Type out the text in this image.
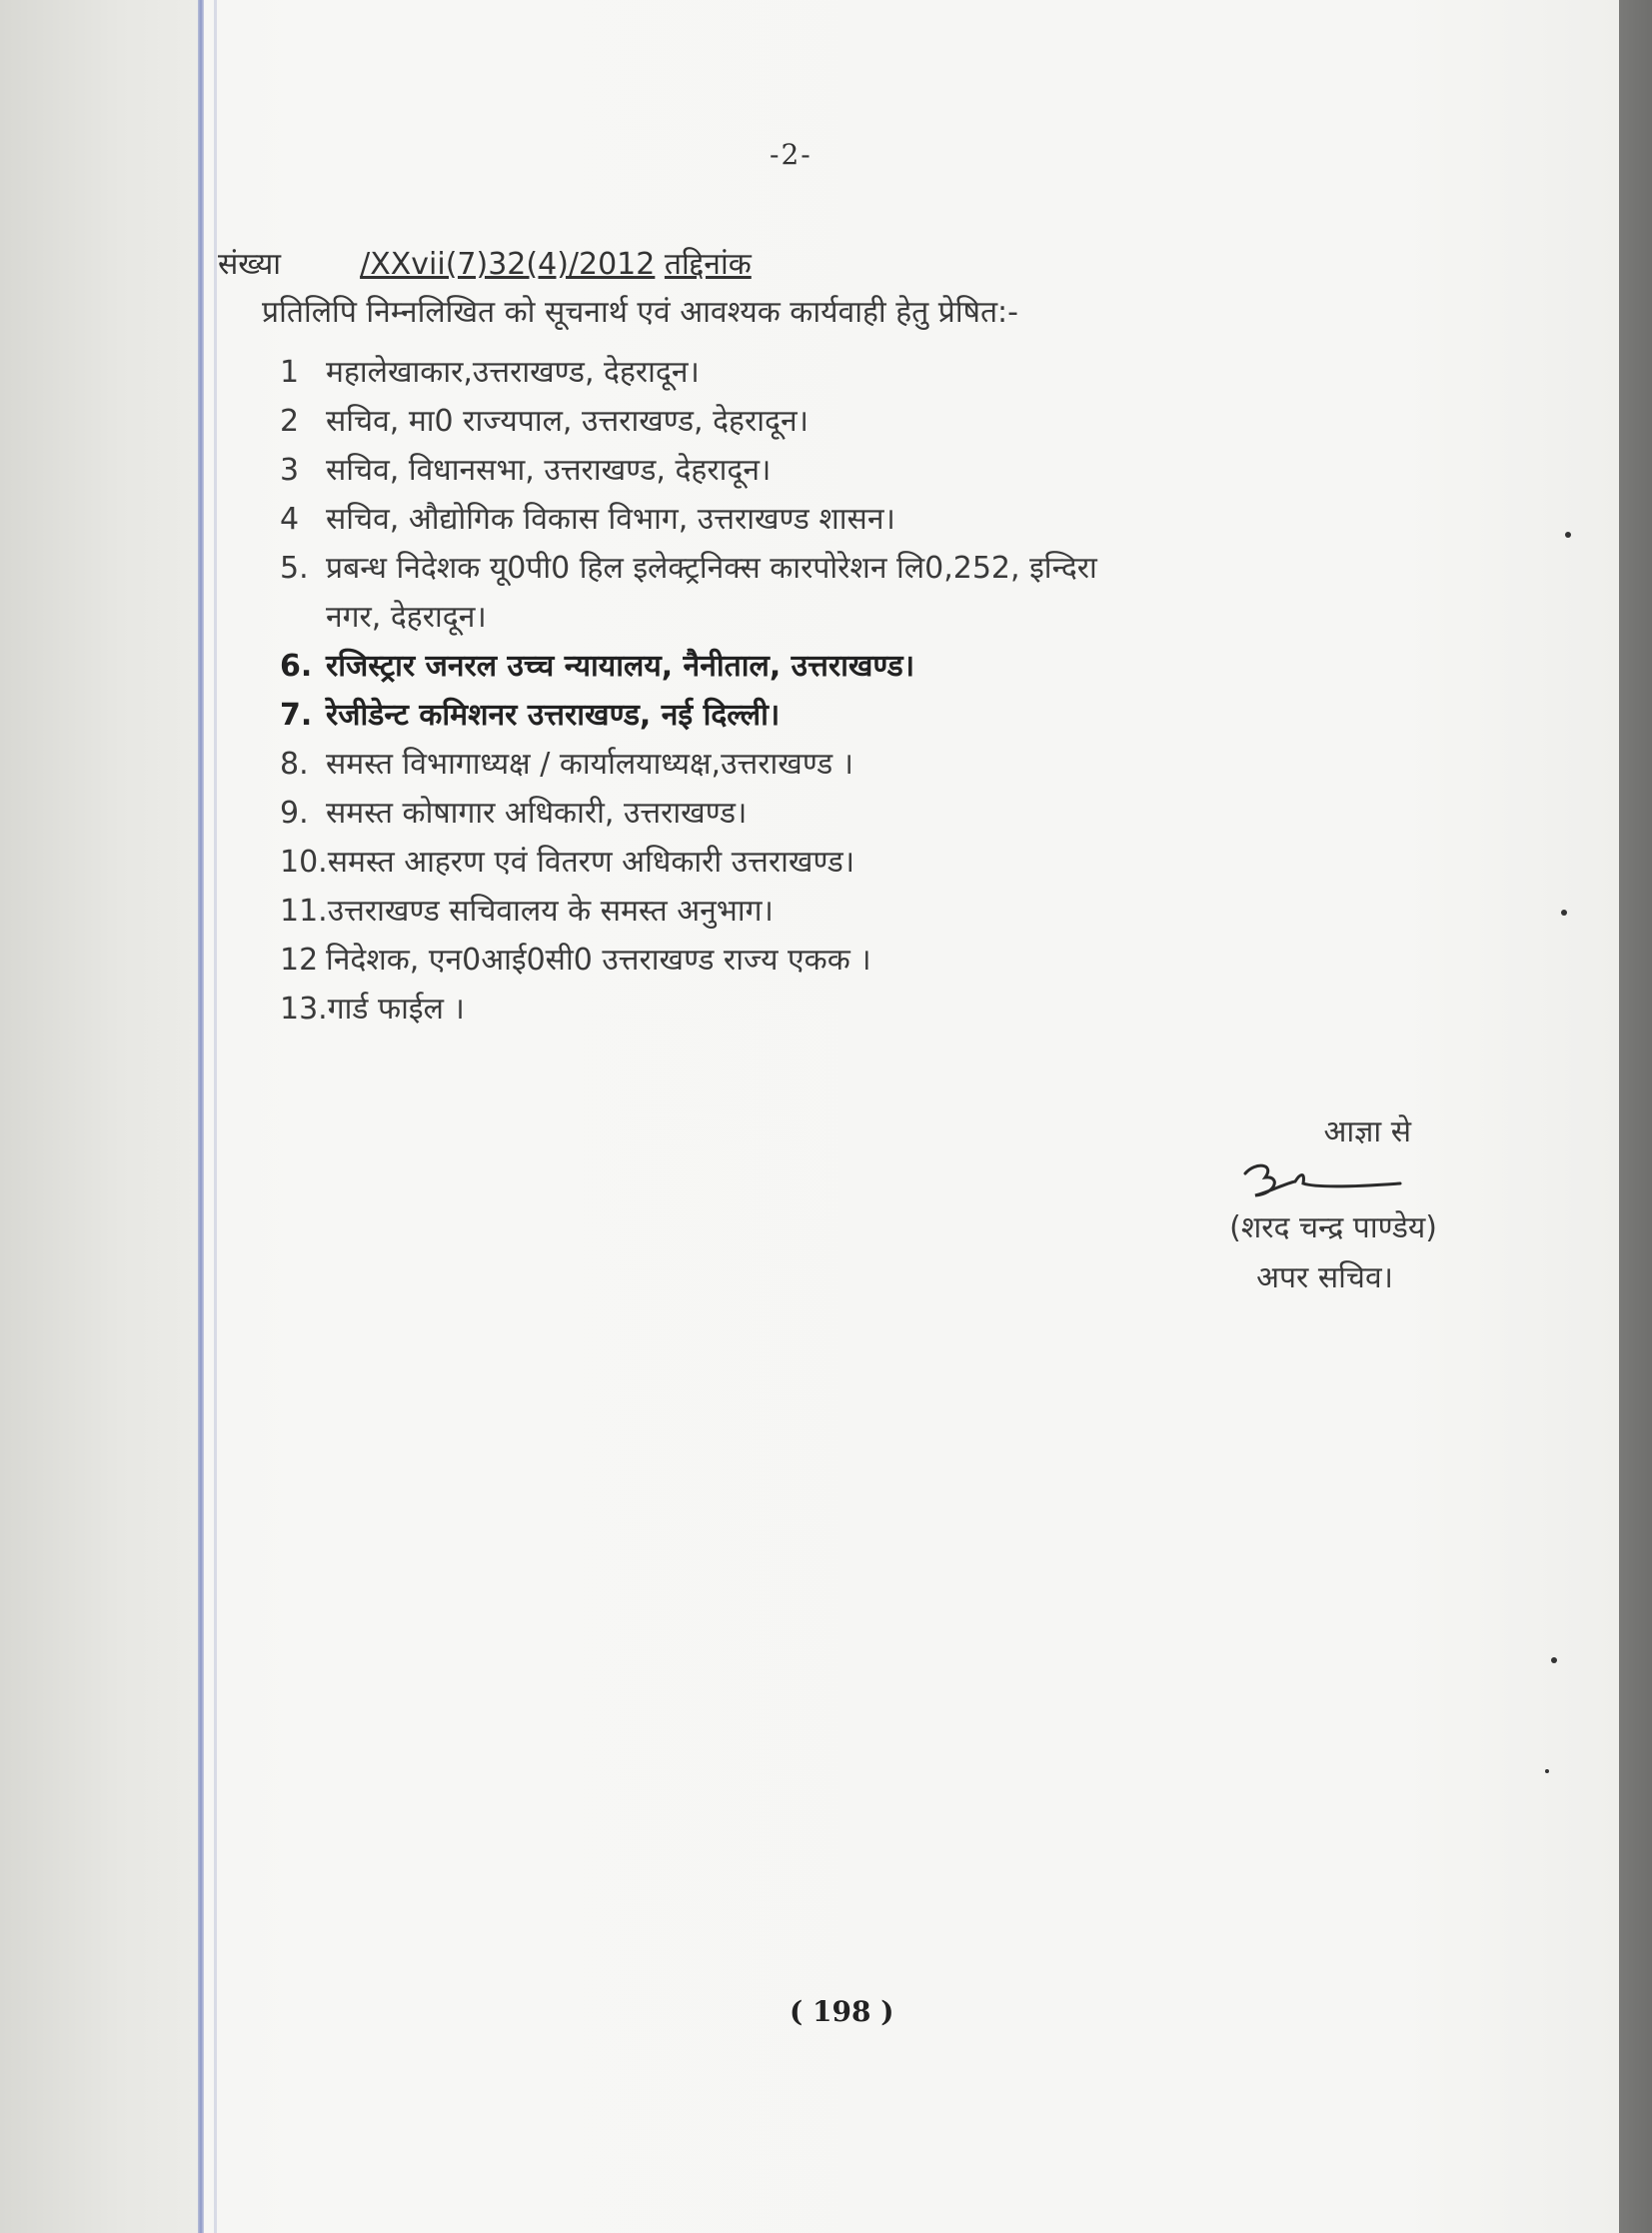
-2-
संख्या	/XXvii(7)32(4)/2012 तद्दिनांक
प्रतिलिपि निम्नलिखित को सूचनार्थ एवं आवश्यक कार्यवाही हेतु प्रेषित:-
1 महालेखाकार,उत्तराखण्ड, देहरादून।
2 सचिव, मा0 राज्यपाल, उत्तराखण्ड, देहरादून।
3 सचिव, विधानसभा, उत्तराखण्ड, देहरादून।
4 सचिव, औद्योगिक विकास विभाग, उत्तराखण्ड शासन।
5. प्रबन्ध निदेशक यू0पी0 हिल इलेक्ट्रनिक्स कारपोरेशन लि0,252, इन्दिरा
नगर, देहरादून।
6. रजिस्ट्रार जनरल उच्च न्यायालय, नैनीताल, उत्तराखण्ड।
7. रेजीडेन्ट कमिशनर उत्तराखण्ड, नई दिल्ली।
8. समस्त विभागाध्यक्ष / कार्यालयाध्यक्ष,उत्तराखण्ड ।
9. समस्त कोषागार अधिकारी, उत्तराखण्ड।
10. समस्त आहरण एवं वितरण अधिकारी उत्तराखण्ड।
11. उत्तराखण्ड सचिवालय के समस्त अनुभाग।
12 निदेशक, एन0आई0सी0 उत्तराखण्ड राज्य एकक ।
13. गार्ड फाईल ।
आज्ञा से
(शरद चन्द्र पाण्डेय)
अपर सचिव।
( 198 )
